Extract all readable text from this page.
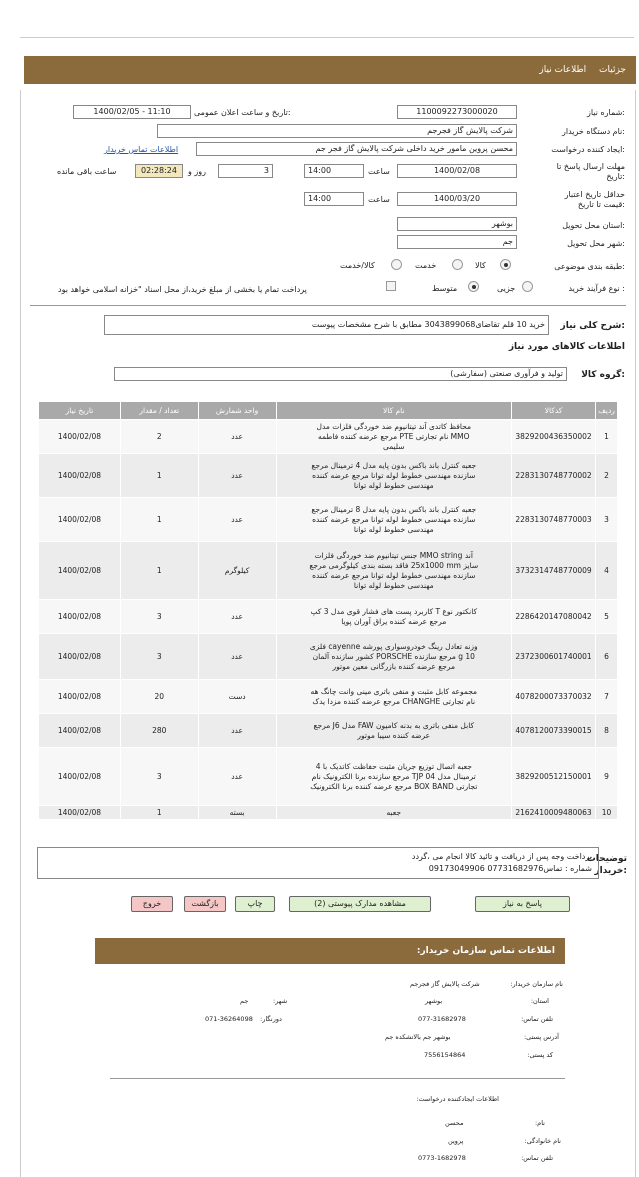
جزئیات اطلاعات نیاز
شماره نیاز:
1100092273000020
تاریخ و ساعت اعلان عمومی:
1400/02/05 - 11:10
نام دستگاه خریدار:
شرکت پالایش گاز فجرجم
ایجاد کننده درخواست:
محسن پروین مامور خرید داخلی شرکت پالایش گاز فجر جم
اطلاعات تماس خریدار
مهلت ارسال پاسخ تا تاریخ:
1400/02/08
ساعت
14:00
3
روز و
02:28:24
ساعت باقی مانده
حداقل تاریخ اعتبار قیمت تا تاریخ:
1400/03/20
ساعت
14:00
استان محل تحویل:
بوشهر
شهر محل تحویل:
جم
طبقه بندی موضوعی:
کالا
خدمت
کالا/خدمت
نوع فرآیند خرید :
جزیی
متوسط
پرداخت تمام یا بخشی از مبلغ خرید،از محل اسناد "خزانه اسلامی خواهد بود
شرح کلی نیاز:
خرید 10 قلم تقاضای3043899068 مطابق با شرح مشخصات پیوست
اطلاعات کالاهای مورد نیاز
گروه کالا:
تولید و فرآوری صنعتی (سفارشی)
ردیف	کدکالا	نام کالا	واحد شمارش	تعداد / مقدار	تاریخ نیاز
1	3829200436350002	محافظ کاتدی آند تیتانیوم ضد خوردگی فلزات مدل MMO نام تجارتی PTE مرجع عرضه کننده فاطمه سلیمی	عدد	2	1400/02/08
2	2283130748770002	جعبه کنترل باند باکس بدون پایه مدل 4 ترمینال مرجع سازنده مهندسی خطوط لوله توانا مرجع عرضه کننده مهندسی خطوط لوله توانا	عدد	1	1400/02/08
3	2283130748770003	جعبه کنترل باند باکس بدون پایه مدل 8 ترمینال مرجع سازنده مهندسی خطوط لوله توانا مرجع عرضه کننده مهندسی خطوط لوله توانا	عدد	1	1400/02/08
4	3732314748770009	آند MMO string جنس تیتانیوم ضد خوردگی فلزات سایز 25x1000 mm فاقد بسته بندی کیلوگرمی مرجع سازنده مهندسی خطوط لوله توانا مرجع عرضه کننده مهندسی خطوط لوله توانا	کیلوگرم	1	1400/02/08
5	2286420147080042	کانکتور نوع T کاربرد پست های فشار قوی مدل 3 کپ مرجع عرضه کننده یراق آوران پویا	عدد	3	1400/02/08
6	2372300601740001	وزنه تعادل رینگ خودروسواری پورشه cayenne فلزی 10 g مرجع سازنده PORSCHE کشور سازنده آلمان مرجع عرضه کننده بازرگانی معین موتور	عدد	3	1400/02/08
7	4078200073370032	مجموعه کابل مثبت و منفی باتری مینی وانت چانگ هه نام تجارتی CHANGHE مرجع عرضه کننده مزدا یدک	دست	20	1400/02/08
8	4078120073390015	کابل منفی باتری به بدنه کامیون FAW مدل J6 مرجع عرضه کننده سیبا موتور	عدد	280	1400/02/08
9	3829200512150001	جعبه اتصال توزیع جریان مثبت حفاظت کاتدیک با 4 ترمینال مدل TJP 04 مرجع سازنده برنا الکترونیک نام تجارتی BOX BAND مرجع عرضه کننده برنا الکترونیک	عدد	3	1400/02/08
10	2162410009480063	جعبه	بسته	1	1400/02/08
توضیحات خریدار:
پرداخت وجه پس از دریافت و تائید کالا انجام می ،گردد
شماره : تماس07731682976 09173049906
پاسخ به نیاز
مشاهده مدارک پیوستی (2)
چاپ
بازگشت
خروج
اطلاعات تماس سازمان خریدار:
نام سازمان خریدار:
شرکت پالایش گاز فجرجم
استان:
بوشهر
شهر:
جم
تلفن تماس:
077-31682978
دورنگار:
071-36264098
آدرس پستی:
بوشهر جم بالاتشکده جم
کد پستی:
7556154864
اطلاعات ایجادکننده درخواست:
نام:
محسن
نام خانوادگی:
پروین
تلفن تماس:
0773-1682978
